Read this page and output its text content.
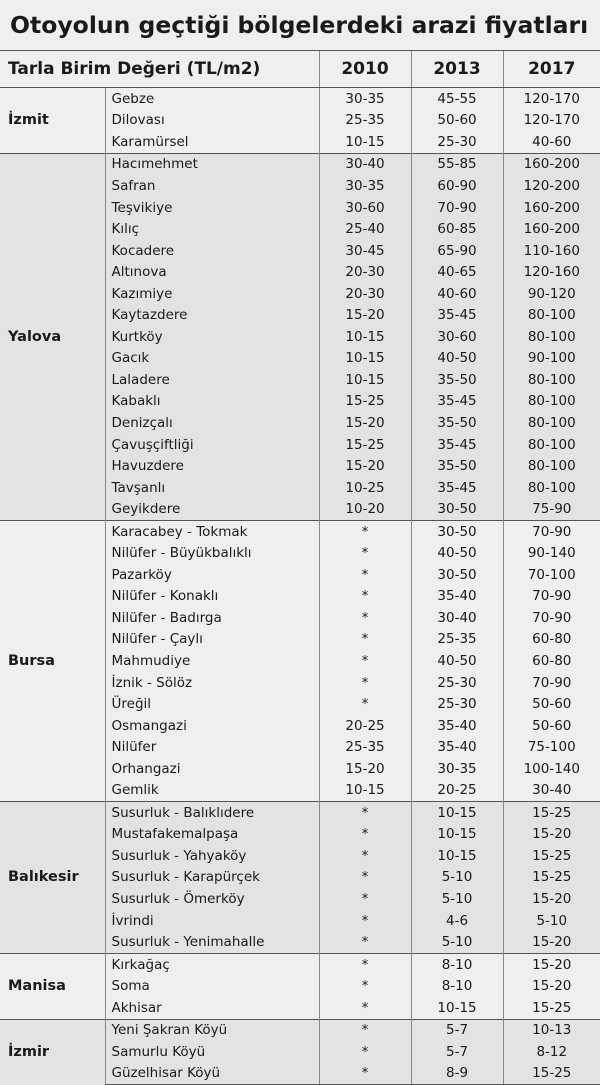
Otoyolun geçtiği bölgelerdeki arazi fiyatları
Tarla Birim Değeri (TL/m2)		2010	2013	2017
İzmit	Gebze	30-35	45-55	120-170
	Dilovası	25-35	50-60	120-170
	Karamürsel	10-15	25-30	40-60
Yalova	Hacımehmet	30-40	55-85	160-200
	Safran	30-35	60-90	120-200
	Teşvikiye	30-60	70-90	160-200
	Kılıç	25-40	60-85	160-200
	Kocadere	30-45	65-90	110-160
	Altınova	20-30	40-65	120-160
	Kazımiye	20-30	40-60	90-120
	Kaytazdere	15-20	35-45	80-100
	Kurtköy	10-15	30-60	80-100
	Gacık	10-15	40-50	90-100
	Laladere	10-15	35-50	80-100
	Kabaklı	15-25	35-45	80-100
	Denizçalı	15-20	35-50	80-100
	Çavuşçiftliği	15-25	35-45	80-100
	Havuzdere	15-20	35-50	80-100
	Tavşanlı	10-25	35-45	80-100
	Geyikdere	10-20	30-50	75-90
Bursa	Karacabey - Tokmak	*	30-50	70-90
	Nilüfer - Büyükbalıklı	*	40-50	90-140
	Pazarköy	*	30-50	70-100
	Nilüfer - Konaklı	*	35-40	70-90
	Nilüfer - Badırga	*	30-40	70-90
	Nilüfer - Çaylı	*	25-35	60-80
	Mahmudiye	*	40-50	60-80
	İznik - Sölöz	*	25-30	70-90
	Üreğil	*	25-30	50-60
	Osmangazi	20-25	35-40	50-60
	Nilüfer	25-35	35-40	75-100
	Orhangazi	15-20	30-35	100-140
	Gemlik	10-15	20-25	30-40
Balıkesir	Susurluk - Balıklıdere	*	10-15	15-25
	Mustafakemalpaşa	*	10-15	15-20
	Susurluk - Yahyaköy	*	10-15	15-25
	Susurluk - Karapürçek	*	5-10	15-25
	Susurluk - Ömerköy	*	5-10	15-20
	İvrindi	*	4-6	5-10
	Susurluk - Yenimahalle	*	5-10	15-20
Manisa	Kırkağaç	*	8-10	15-20
	Soma	*	8-10	15-20
	Akhisar	*	10-15	15-25
İzmir	Yeni Şakran Köyü	*	5-7	10-13
	Samurlu Köyü	*	5-7	8-12
	Güzelhisar Köyü	*	8-9	15-25
